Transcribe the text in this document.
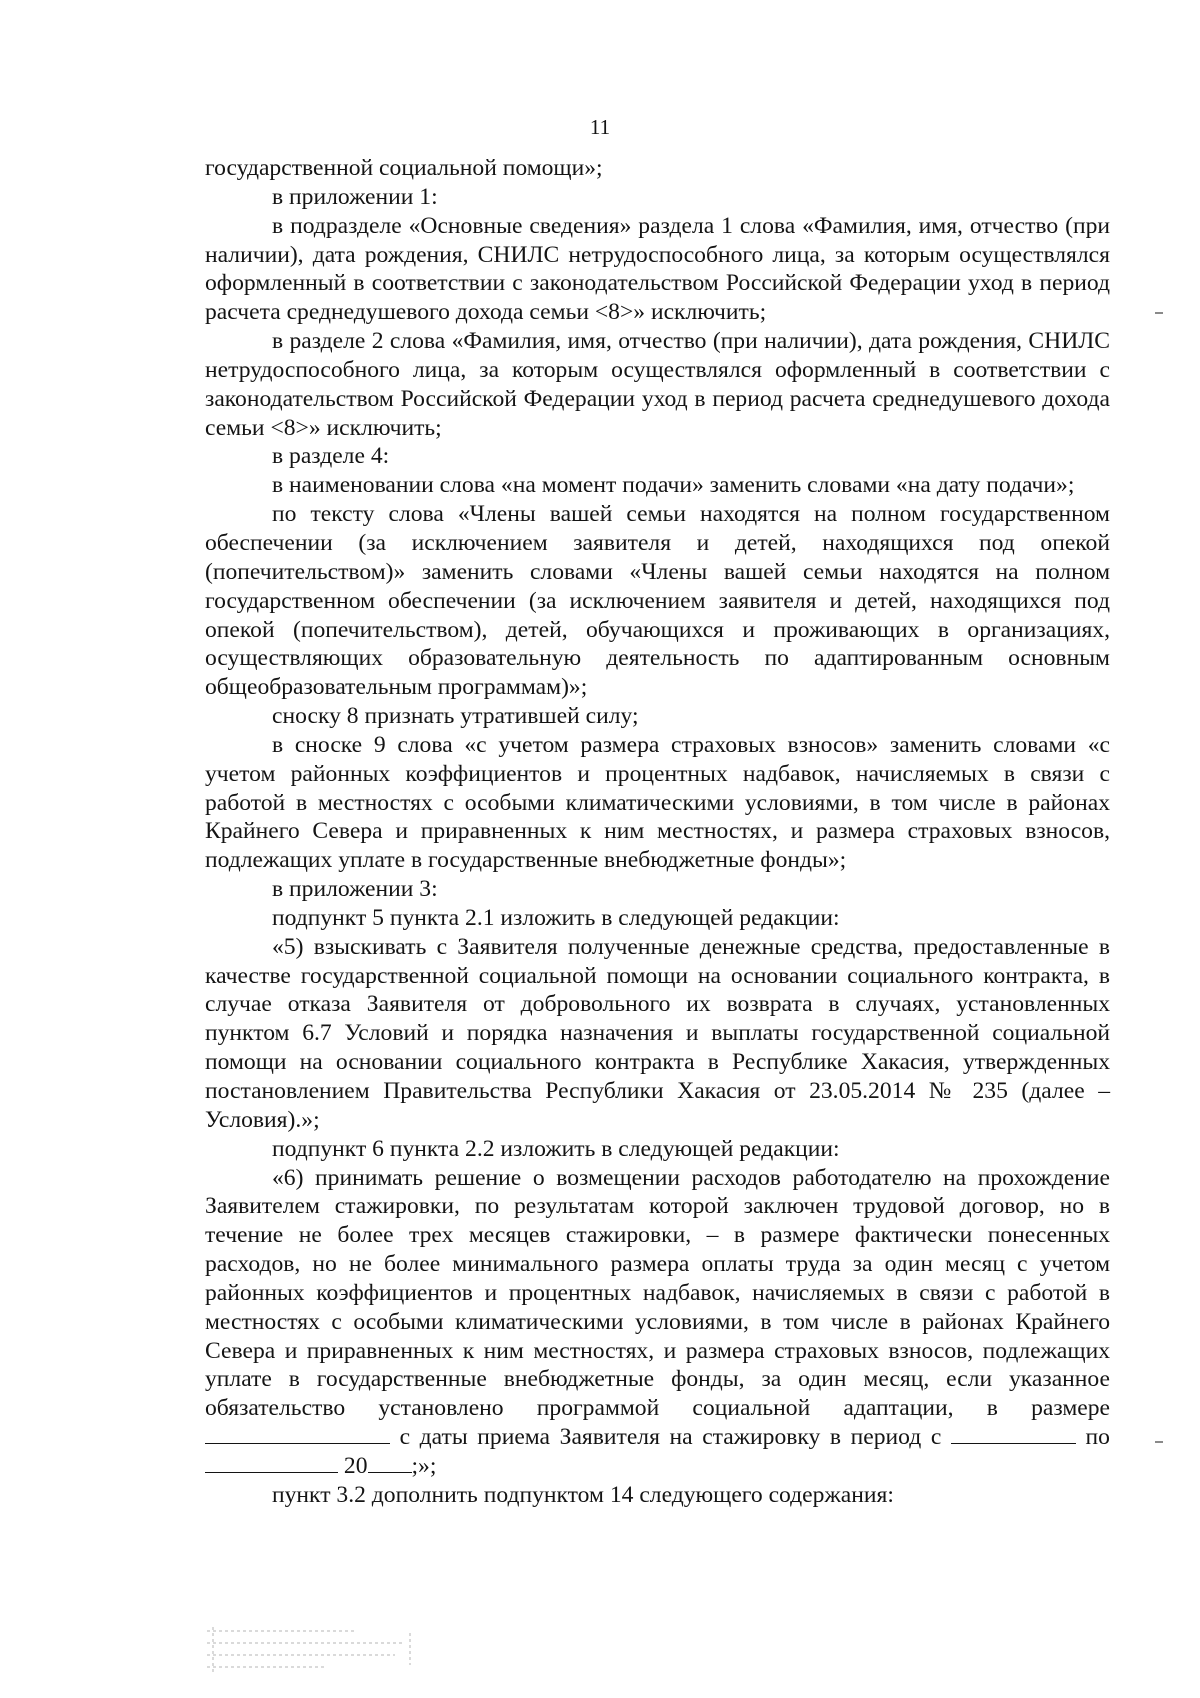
11

государственной социальной помощи»;

в приложении 1:

в подразделе «Основные сведения» раздела 1 слова «Фамилия, имя, отчество (при наличии), дата рождения, СНИЛС нетрудоспособного лица, за которым осуществлялся оформленный в соответствии с законодательством Российской Федерации уход в период расчета среднедушевого дохода семьи <8>» исключить;

в разделе 2 слова «Фамилия, имя, отчество (при наличии), дата рождения, СНИЛС нетрудоспособного лица, за которым осуществлялся оформленный в соответствии с законодательством Российской Федерации уход в период расчета среднедушевого дохода семьи <8>» исключить;

в разделе 4:

в наименовании слова «на момент подачи» заменить словами «на дату подачи»;

по тексту слова «Члены вашей семьи находятся на полном государственном обеспечении (за исключением заявителя и детей, находящихся под опекой (попечительством)» заменить словами «Члены вашей семьи находятся на полном государственном обеспечении (за исключением заявителя и детей, находящихся под опекой (попечительством), детей, обучающихся и проживающих в организациях, осуществляющих образовательную деятельность по адаптированным основным общеобразовательным программам)»;

сноску 8 признать утратившей силу;

в сноске 9 слова «с учетом размера страховых взносов» заменить словами «с учетом районных коэффициентов и процентных надбавок, начисляемых в связи с работой в местностях с особыми климатическими условиями, в том числе в районах Крайнего Севера и приравненных к ним местностях, и размера страховых взносов, подлежащих уплате в государственные внебюджетные фонды»;

в приложении 3:

подпункт 5 пункта 2.1 изложить в следующей редакции:

«5) взыскивать с Заявителя полученные денежные средства, предоставленные в качестве государственной социальной помощи на основании социального контракта, в случае отказа Заявителя от добровольного их возврата в случаях, установленных пунктом 6.7 Условий и порядка назначения и выплаты государственной социальной помощи на основании социального контракта в Республике Хакасия, утвержденных постановлением Правительства Республики Хакасия от 23.05.2014 № 235 (далее – Условия).»;

подпункт 6 пункта 2.2 изложить в следующей редакции:

«6) принимать решение о возмещении расходов работодателю на прохождение Заявителем стажировки, по результатам которой заключен трудовой договор, но в течение не более трех месяцев стажировки, – в размере фактически понесенных расходов, но не более минимального размера оплаты труда за один месяц с учетом районных коэффициентов и процентных надбавок, начисляемых в связи с работой в местностях с особыми климатическими условиями, в том числе в районах Крайнего Севера и приравненных к ним местностях, и размера страховых взносов, подлежащих уплате в государственные внебюджетные фонды, за один месяц, если указанное обязательство установлено программой социальной адаптации, в размере  с даты приема Заявителя на стажировку в период с	по  20 ;»;

пункт 3.2 дополнить подпунктом 14 следующего содержания:
